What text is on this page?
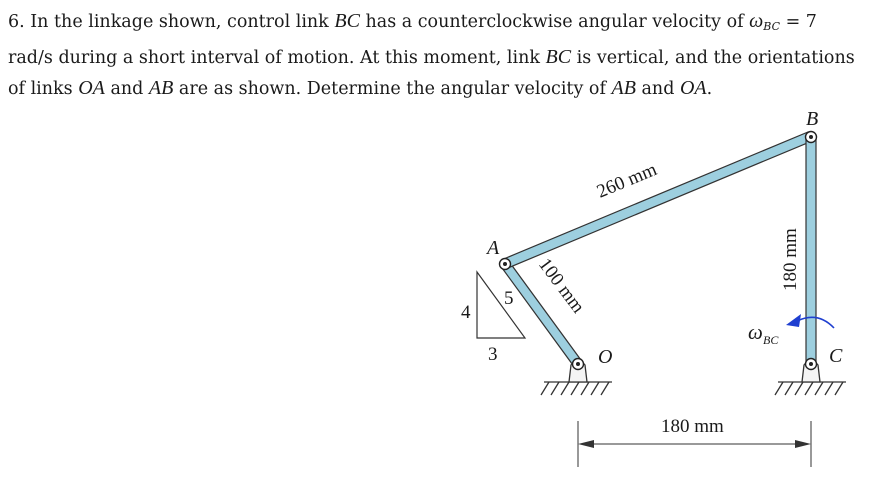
6. In the linkage shown, control link BC has a counterclockwise angular velocity of $\omega_{BC} = 7$ rad/s during a short interval of motion. At this moment, link BC is vertical, and the orientations of links OA and AB are as shown. Determine the angular velocity of AB and OA.

A
B
C
O
260 mm
100 mm	180 mm
4
3
5
ω BC
180 mm
